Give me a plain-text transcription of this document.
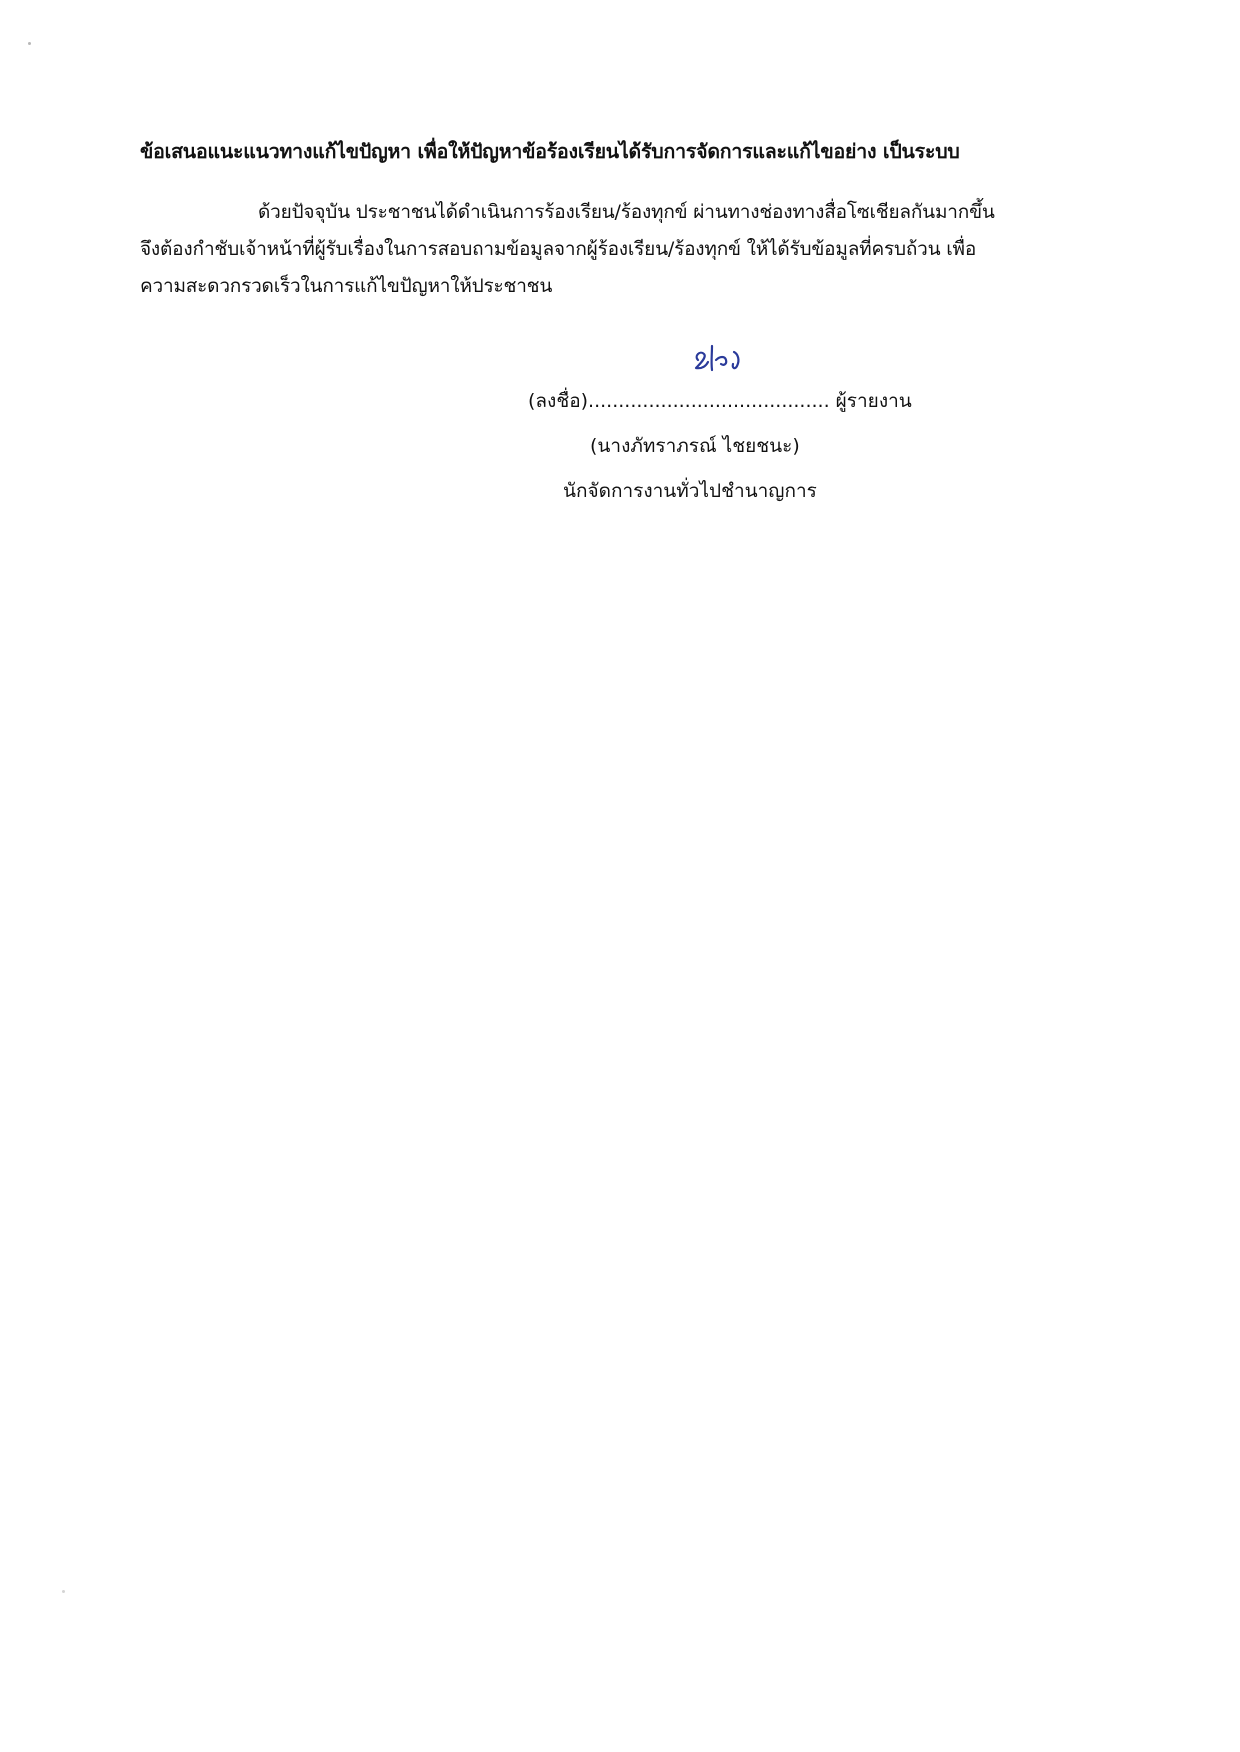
ข้อเสนอแนะแนวทางแก้ไขปัญหา เพื่อให้ปัญหาข้อร้องเรียนได้รับการจัดการและแก้ไขอย่าง เป็นระบบ
ด้วยปัจจุบัน ประชาชนได้ดำเนินการร้องเรียน/ร้องทุกข์ ผ่านทางช่องทางสื่อโซเชียลกันมากขึ้น
จึงต้องกำชับเจ้าหน้าที่ผู้รับเรื่องในการสอบถามข้อมูลจากผู้ร้องเรียน/ร้องทุกข์ ให้ได้รับข้อมูลที่ครบถ้วน เพื่อ
ความสะดวกรวดเร็วในการแก้ไขปัญหาให้ประชาชน
(ลงชื่อ)........................................ ผู้รายงาน
(นางภัทราภรณ์ ไชยชนะ)
นักจัดการงานทั่วไปชำนาญการ
